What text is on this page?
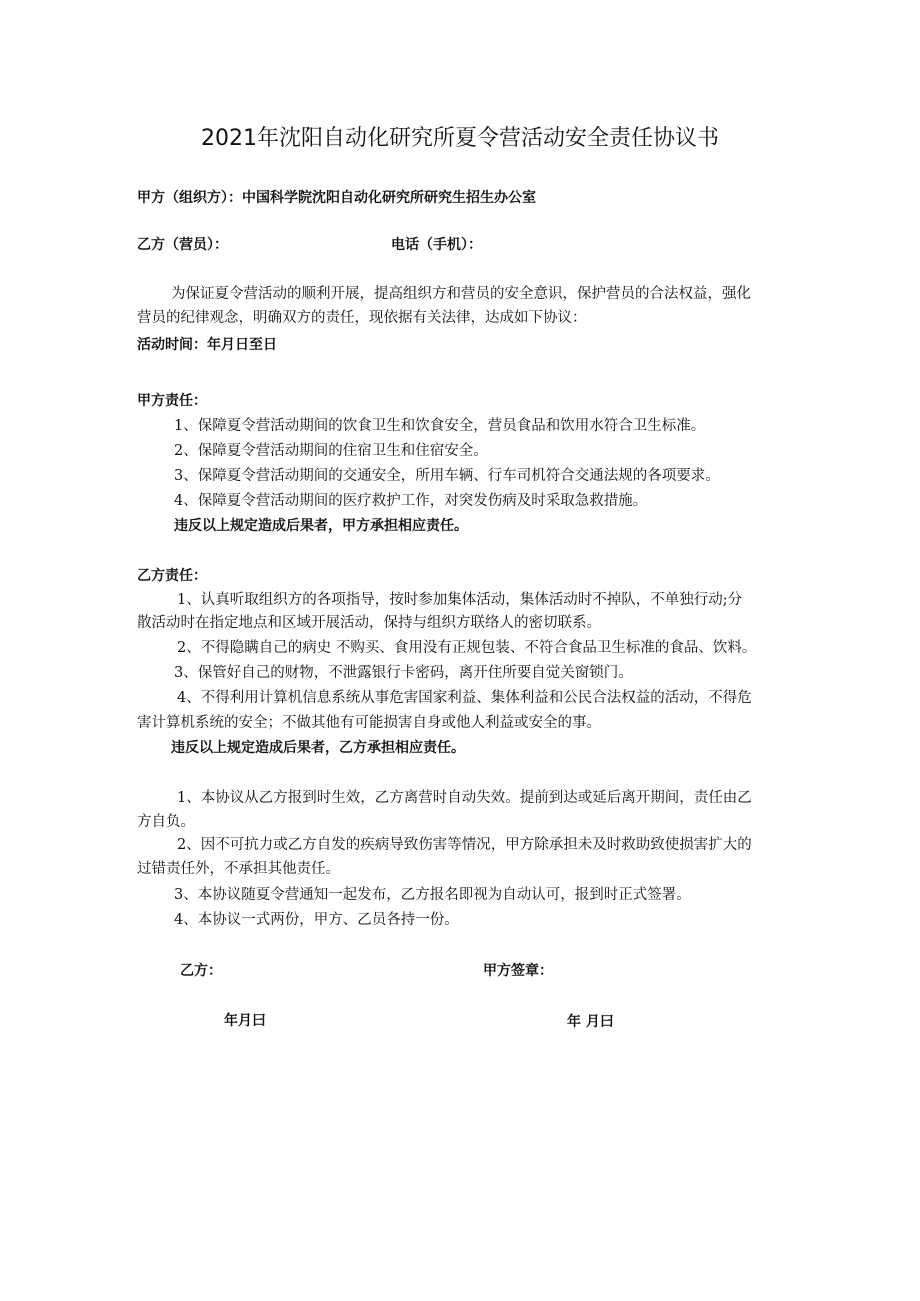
2021年沈阳自动化研究所夏令营活动安全责任协议书

甲方（组织方）：中国科学院沈阳自动化研究所研究生招生办公室

乙方（营员）：	电话（手机）：

为保证夏令营活动的顺利开展，提高组织方和营员的安全意识，保护营员的合法权益，强化

营员的纪律观念，明确双方的责任，现依据有关法律，达成如下协议：

活动时间：年月日至日

甲方责任：

1、保障夏令营活动期间的饮食卫生和饮食安全，营员食品和饮用水符合卫生标准。

2、保障夏令营活动期间的住宿卫生和住宿安全。

3、保障夏令营活动期间的交通安全，所用车辆、行车司机符合交通法规的各项要求。

4、保障夏令营活动期间的医疗救护工作，对突发伤病及时采取急救措施。

违反以上规定造成后果者，甲方承担相应责任。

乙方责任：

1、认真听取组织方的各项指导，按时参加集体活动，集体活动时不掉队，不单独行动;分

散活动时在指定地点和区域开展活动，保持与组织方联络人的密切联系。

2、不得隐瞒自己的病史 不购买、食用没有正规包装、不符合食品卫生标准的食品、饮料。

3、保管好自己的财物，不泄露银行卡密码，离开住所要自觉关窗锁门。

4、不得利用计算机信息系统从事危害国家利益、集体利益和公民合法权益的活动，不得危

害计算机系统的安全；不做其他有可能损害自身或他人利益或安全的事。

违反以上规定造成后果者，乙方承担相应责任。

1、本协议从乙方报到时生效，乙方离营时自动失效。提前到达或延后离开期间，责任由乙

方自负。

2、因不可抗力或乙方自发的疾病导致伤害等情况，甲方除承担未及时救助致使损害扩大的

过错责任外，不承担其他责任。

3、本协议随夏令营通知一起发布，乙方报名即视为自动认可，报到时正式签署。

4、本协议一式两份，甲方、乙员各持一份。

乙方：	甲方签章：
年月曰	年 月曰
